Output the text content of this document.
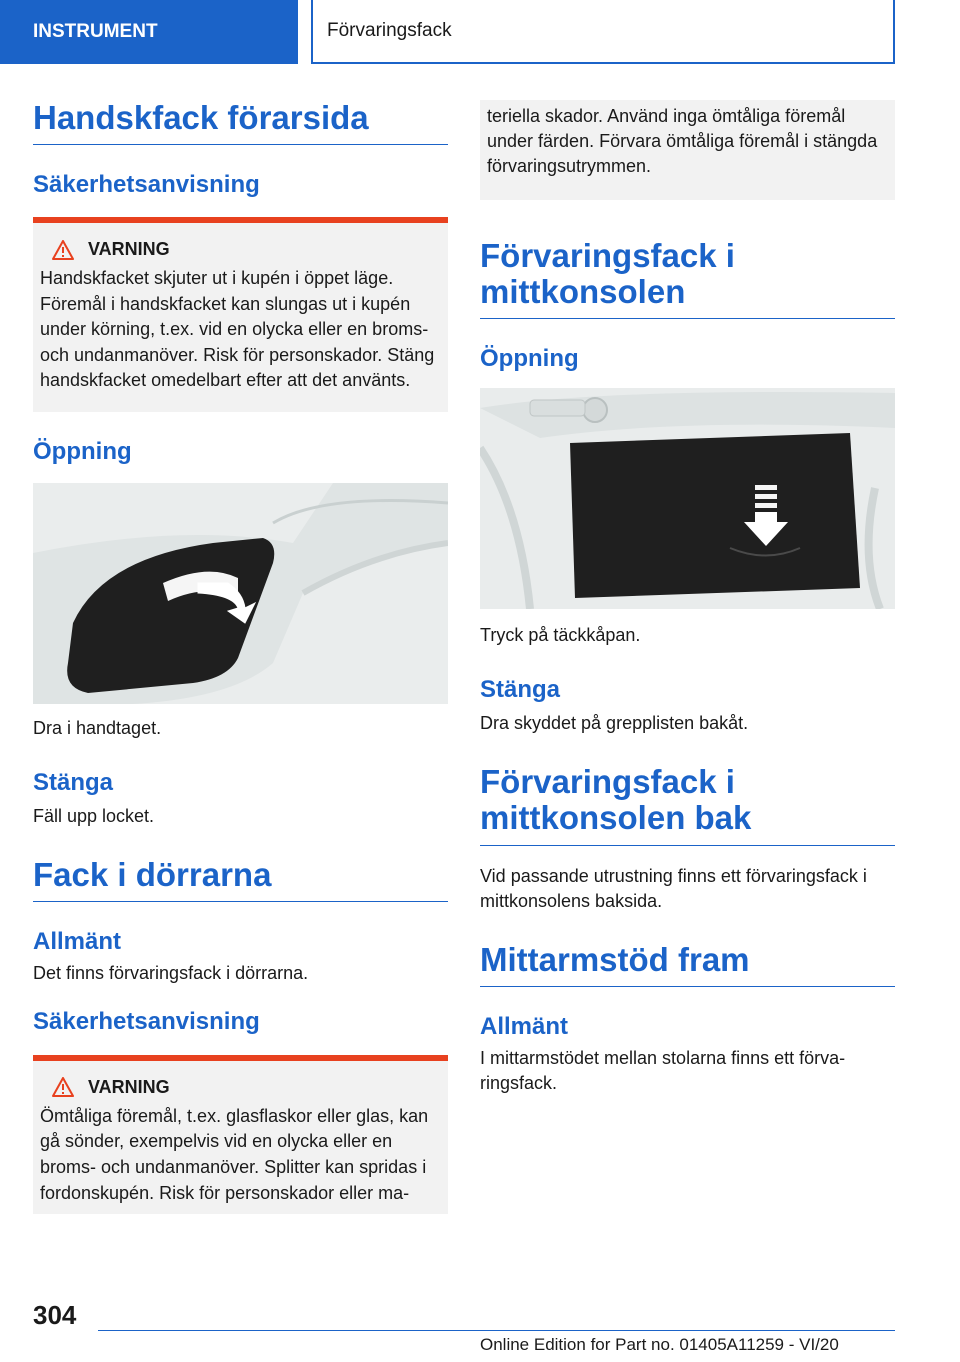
INSTRUMENT	Förvaringsfack
Handskfack förarsida
Säkerhetsanvisning
VARNING

Handskfacket skjuter ut i kupén i öppet läge. Föremål i handskfacket kan slungas ut i kupén under körning, t.ex. vid en olycka eller en broms- och undanmanöver. Risk för personskador. Stäng handskfacket omedelbart efter att det använts.

Öppning

Dra i handtaget.

Stänga

Fäll upp locket.

Fack i dörrarna
Allmänt

Det finns förvaringsfack i dörrarna.

Säkerhetsanvisning
VARNING

Ömtåliga föremål, t.ex. glasflaskor eller glas, kan gå sönder, exempelvis vid en olycka eller en broms- och undanmanöver. Splitter kan spridas i fordonskupén. Risk för personskador eller ma-

teriella skador. Använd inga ömtåliga föremål under färden. Förvara ömtåliga föremål i stängda förvaringsutrymmen.

Förvaringsfack i mittkonsolen
Öppning

Tryck på täckkåpan.

Stänga

Dra skyddet på grepplisten bakåt.

Förvaringsfack i mittkonsolen bak

Vid passande utrustning finns ett förvaringsfack i mittkonsolens baksida.

Mittarmstöd fram
Allmänt

I mittarmstödet mellan stolarna finns ett förvaringsfack.

304
Online Edition for Part no. 01405A11259 - VI/20
